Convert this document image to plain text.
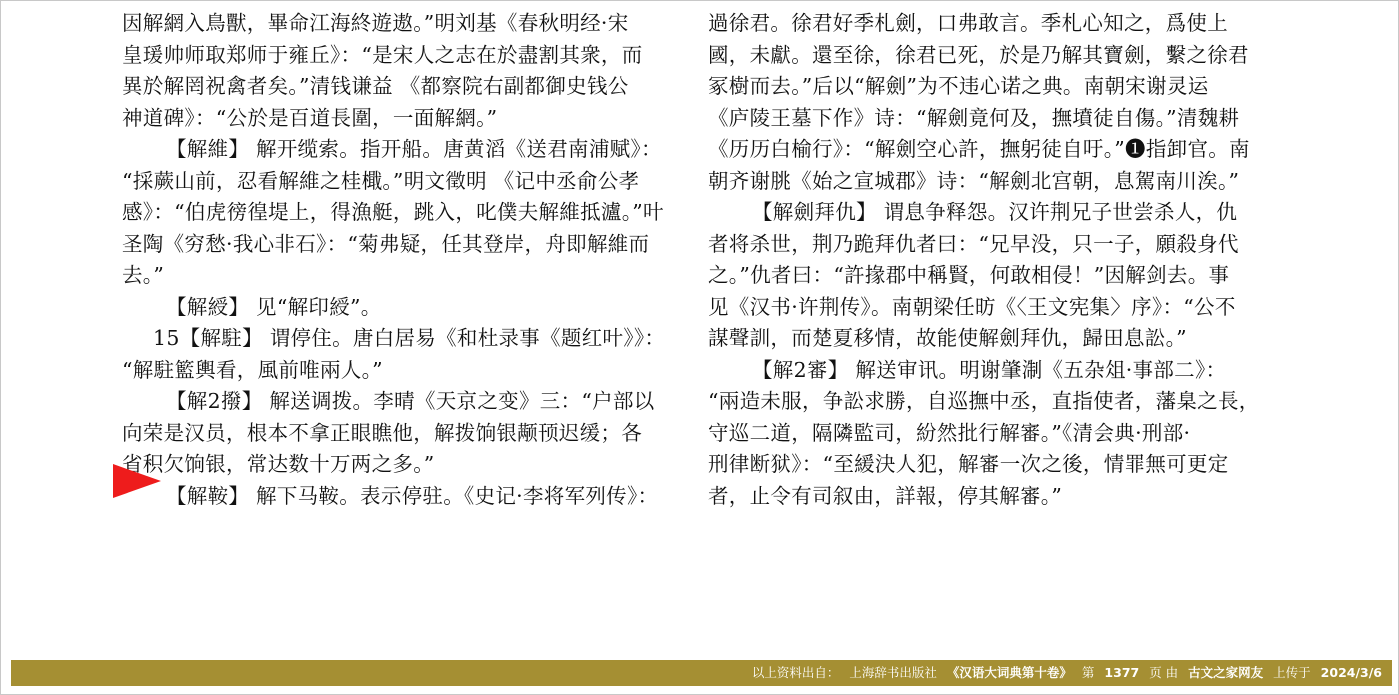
因解網入鳥獸，畢命江海終遊遨。”明刘基《春秋明经·宋
皇瑗帅师取郑师于雍丘》：“是宋人之志在於盡割其衆，而
異於解罔祝禽者矣。”清钱谦益 《都察院右副都御史钱公
神道碑》：“公於是百道長圍，一面解網。”
【解維】 解开缆索。指开船。唐黄滔《送君南浦赋》：
“採蕨山前，忍看解維之桂檝。”明文徵明 《记中丞俞公孝
感》：“伯虎徬徨堤上，得漁艇，跳入，叱僕夫解維抵瀘。”叶
圣陶《穷愁·我心非石》：“菊弗疑，任其登岸，舟即解維而
去。”
【解綬】 见“解印綬”。
15【解駐】 谓停住。唐白居易《和杜录事《题红叶》》：
“解駐籃輿看，風前唯兩人。”
【解2撥】 解送调拨。李晴《天京之变》三：“户部以
向荣是汉员，根本不拿正眼瞧他，解拨饷银颟顸迟缓；各
省积欠饷银，常达数十万两之多。”
【解鞍】 解下马鞍。表示停驻。《史记·李将军列传》：
過徐君。徐君好季札劍，口弗敢言。季札心知之，爲使上
國，未獻。還至徐，徐君已死，於是乃解其寶劍，繫之徐君
冢樹而去。”后以“解劍”为不违心诺之典。南朝宋谢灵运
《庐陵王墓下作》诗：“解劍竟何及，撫墳徒自傷。”清魏耕
《历历白榆行》：“解劍空心許，撫躬徒自吁。”❶指卸官。南
朝齐谢朓《始之宣城郡》诗：“解劍北宫朝，息駕南川涘。”
【解劍拜仇】 谓息争释怨。汉许荆兄子世尝杀人，仇
者将杀世，荆乃跪拜仇者曰：“兄早没，只一子，願殺身代
之。”仇者曰：“許掾郡中稱賢，何敢相侵！”因解剑去。事
见《汉书·许荆传》。南朝梁任昉《〈王文宪集〉序》：“公不
謀聲訓，而楚夏移情，故能使解劍拜仇，歸田息訟。”
【解2審】 解送审讯。明谢肇淛《五杂俎·事部二》：
“兩造未服，争訟求勝，自巡撫中丞，直指使者，藩臬之長，
守巡二道，隔隣監司，紛然批行解審。”《清会典·刑部·
刑律断狱》：“至緩決人犯，解審一次之後，情罪無可更定
者，止令有司叙由，詳報，停其解審。”
以上资料出自： 上海辞书出版社 《汉语大词典第十卷》 第 1377 页 由 古文之家网友 上传于 2024/3/6
